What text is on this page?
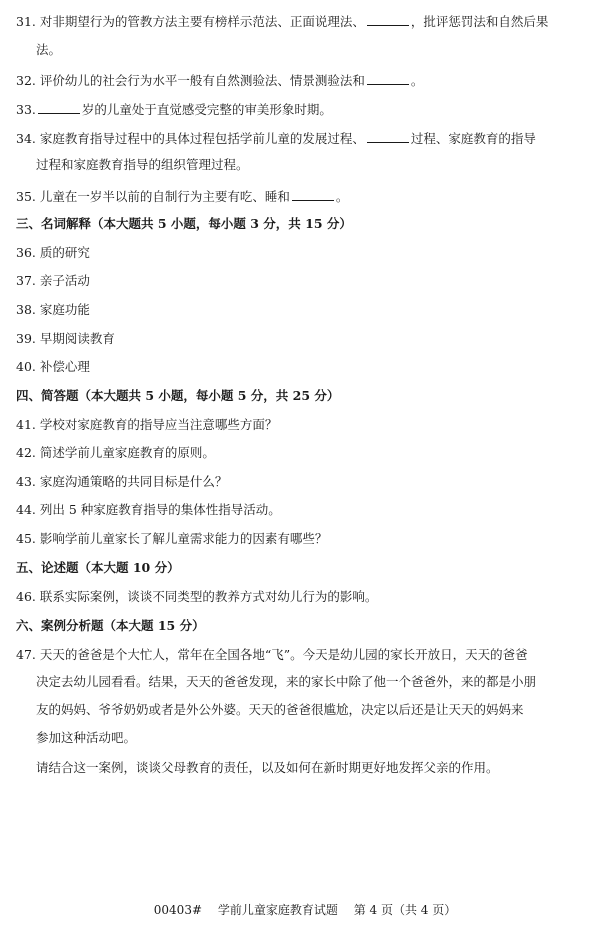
31. 对非期望行为的管教方法主要有榜样示范法、正面说理法、	，批评惩罚法和自然后果
法。
32. 评价幼儿的社会行为水平一般有自然测验法、情景测验法和	。
33.	岁的儿童处于直觉感受完整的审美形象时期。
34. 家庭教育指导过程中的具体过程包括学前儿童的发展过程、	过程、家庭教育的指导
过程和家庭教育指导的组织管理过程。
35. 儿童在一岁半以前的自制行为主要有吃、睡和	。
三、名词解释（本大题共 5 小题，每小题 3 分，共 15 分）
36. 质的研究
37. 亲子活动
38. 家庭功能
39. 早期阅读教育
40. 补偿心理
四、简答题（本大题共 5 小题，每小题 5 分，共 25 分）
41. 学校对家庭教育的指导应当注意哪些方面？
42. 简述学前儿童家庭教育的原则。
43. 家庭沟通策略的共同目标是什么？
44. 列出 5 种家庭教育指导的集体性指导活动。
45. 影响学前儿童家长了解儿童需求能力的因素有哪些？
五、论述题（本大题 10 分）
46. 联系实际案例，谈谈不同类型的教养方式对幼儿行为的影响。
六、案例分析题（本大题 15 分）
47. 天天的爸爸是个大忙人，常年在全国各地“飞”。今天是幼儿园的家长开放日，天天的爸爸
决定去幼儿园看看。结果，天天的爸爸发现，来的家长中除了他一个爸爸外，来的都是小朋
友的妈妈、爷爷奶奶或者是外公外婆。天天的爸爸很尴尬，决定以后还是让天天的妈妈来
参加这种活动吧。
请结合这一案例，谈谈父母教育的责任，以及如何在新时期更好地发挥父亲的作用。
00403# 学前儿童家庭教育试题 第 4 页（共 4 页）
